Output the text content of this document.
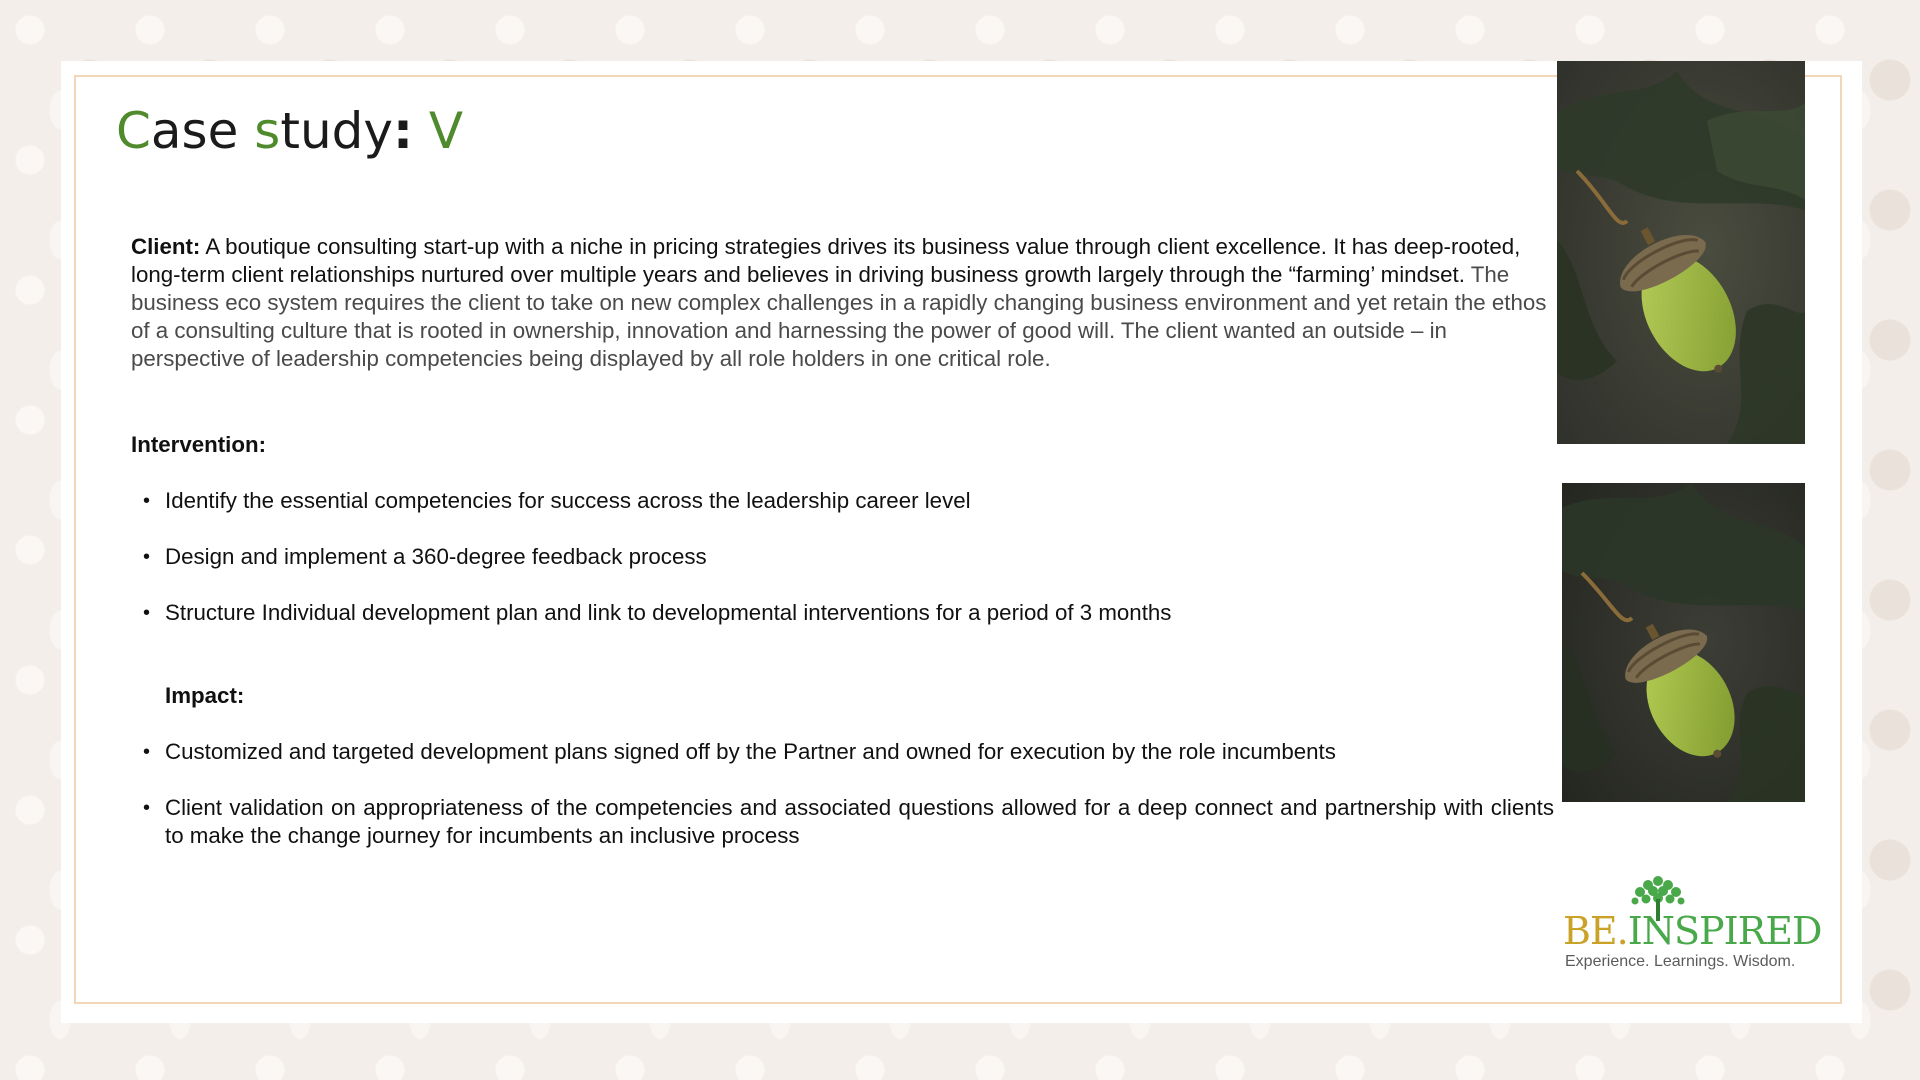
Case study: V

Client: A boutique consulting start-up with a niche in pricing strategies drives its business value through client excellence. It has deep-rooted, long-term client relationships nurtured over multiple years and believes in driving business growth largely through the “farming’ mindset. The business eco system requires the client to take on new complex challenges in a rapidly changing business environment and yet retain the ethos of a consulting culture that is rooted in ownership, innovation and harnessing the power of good will. The client wanted an outside – in perspective of leadership competencies being displayed by all role holders in one critical role.

Intervention:

• Identify the essential competencies for success across the leadership career level
• Design and implement a 360-degree feedback process
• Structure Individual development plan and link to developmental interventions for a period of 3 months

Impact:

• Customized and targeted development plans signed off by the Partner and owned for execution by the role incumbents
• Client validation on appropriateness of the competencies and associated questions allowed for a deep connect and partnership with clients to make the change journey for incumbents an inclusive process
BE.INSPIRED
Experience. Learnings. Wisdom.
